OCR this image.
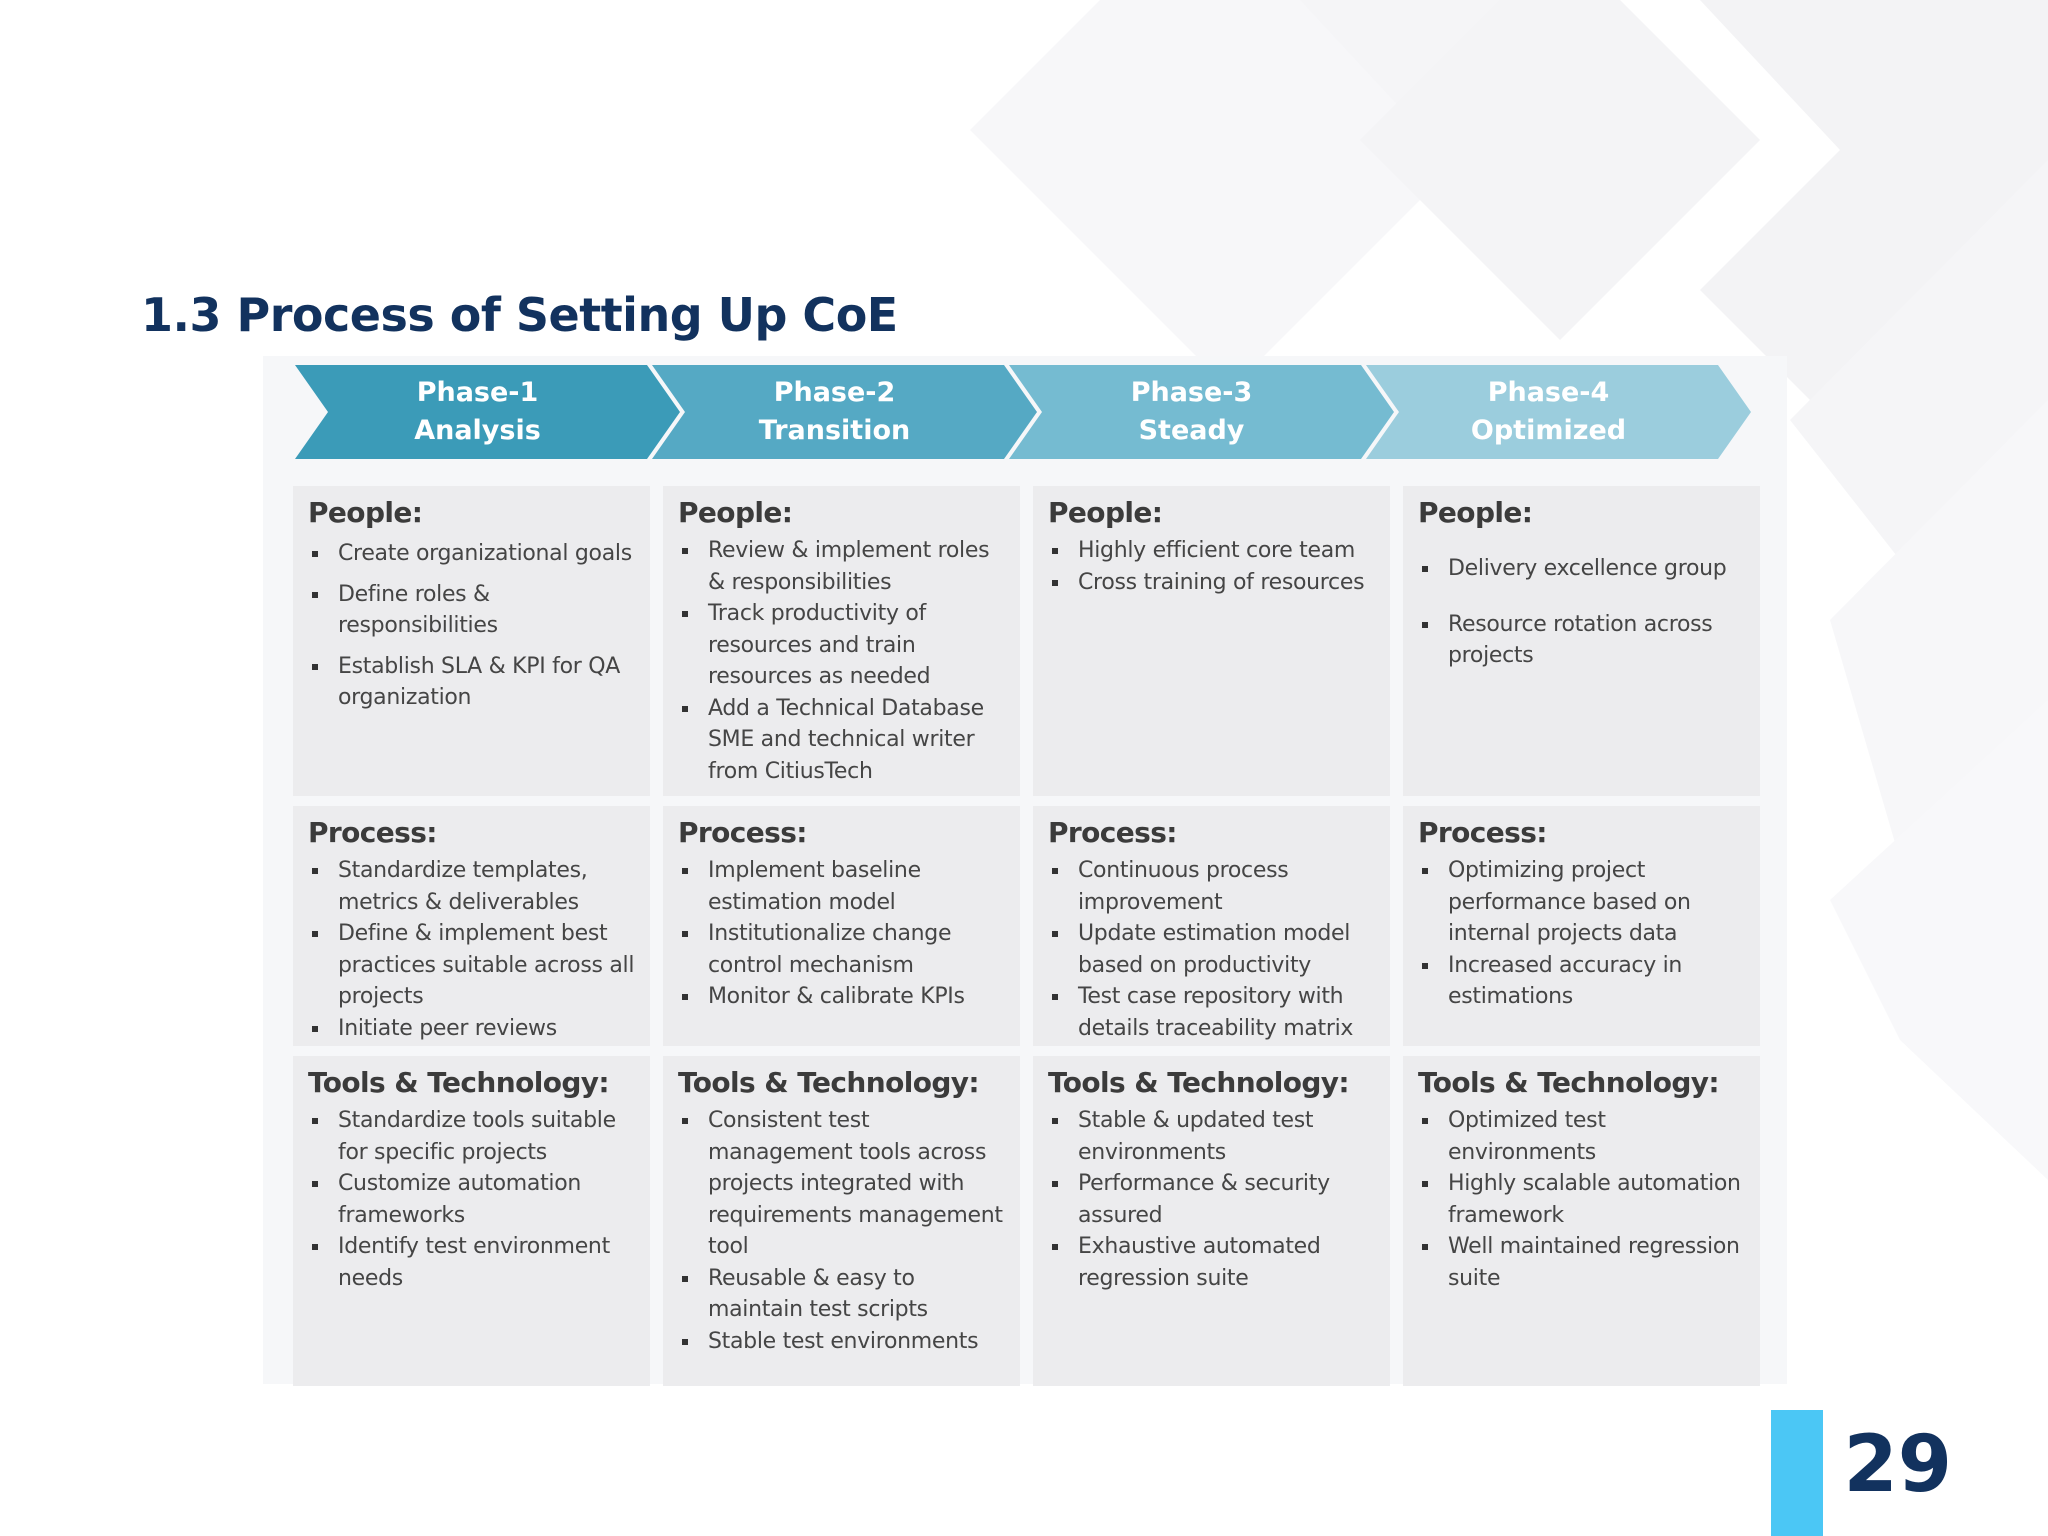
1.3 Process of Setting Up CoE
Phase-1
Analysis
Phase-2
Transition
Phase-3
Steady
Phase-4
Optimized
People:
Create organizational goals
Define roles & responsibilities
Establish SLA & KPI for QA organization
People:
Review & implement roles & responsibilities
Track productivity of resources and train resources as needed
Add a Technical Database SME and technical writer from CitiusTech
People:
Highly efficient core team
Cross training of resources
People:
Delivery excellence group
Resource rotation across projects
Process:
Standardize templates, metrics & deliverables
Define & implement best practices suitable across all projects
Initiate peer reviews
Process:
Implement baseline estimation model
Institutionalize change control mechanism
Monitor & calibrate KPIs
Process:
Continuous process improvement
Update estimation model based on productivity
Test case repository with details traceability matrix
Process:
Optimizing project performance based on internal projects data
Increased accuracy in estimations
Tools & Technology:
Standardize tools suitable for specific projects
Customize automation frameworks
Identify test environment needs
Tools & Technology:
Consistent test management tools across projects integrated with requirements management tool
Reusable & easy to maintain test scripts
Stable test environments
Tools & Technology:
Stable & updated test environments
Performance & security assured
Exhaustive automated regression suite
Tools & Technology:
Optimized test environments
Highly scalable automation framework
Well maintained regression suite
29
